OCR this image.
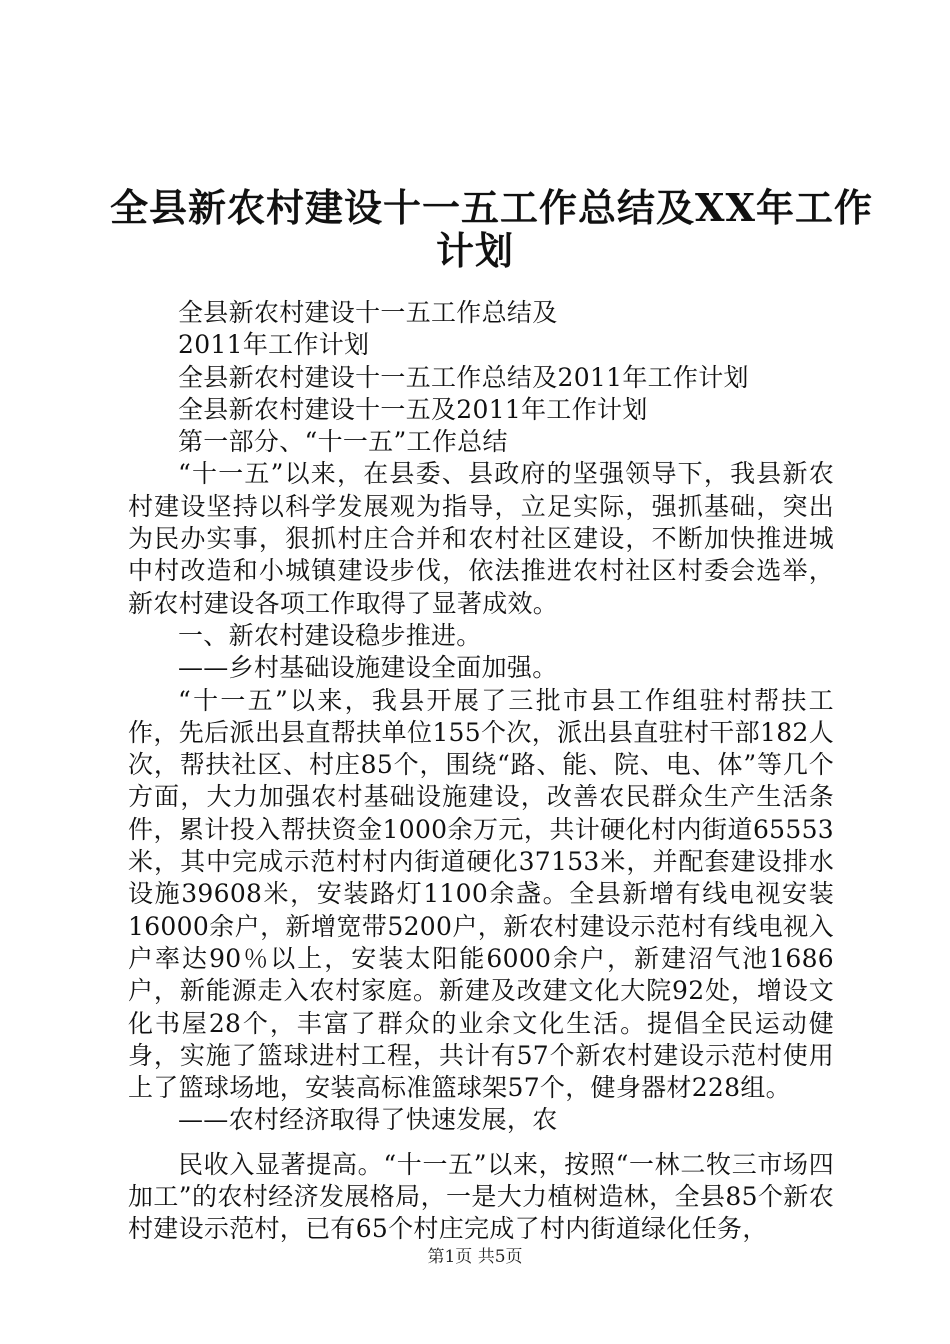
全县新农村建设十一五工作总结及XX年工作
计划

全县新农村建设十一五工作总结及

2011年工作计划

全县新农村建设十一五工作总结及2011年工作计划

全县新农村建设十一五及2011年工作计划

第一部分、“十一五”工作总结

“十一五”以来，在县委、县政府的坚强领导下，我县新农村建设坚持以科学发展观为指导，立足实际，强抓基础，突出为民办实事，狠抓村庄合并和农村社区建设，不断加快推进城中村改造和小城镇建设步伐，依法推进农村社区村委会选举，新农村建设各项工作取得了显著成效。

一、新农村建设稳步推进。

——乡村基础设施建设全面加强。

“十一五”以来，我县开展了三批市县工作组驻村帮扶工作，先后派出县直帮扶单位155个次，派出县直驻村干部182人次，帮扶社区、村庄85个，围绕“路、能、院、电、体”等几个方面，大力加强农村基础设施建设，改善农民群众生产生活条件，累计投入帮扶资金1000余万元，共计硬化村内街道65553米，其中完成示范村村内街道硬化37153米，并配套建设排水设施39608米，安装路灯1100余盏。全县新增有线电视安装16000余户，新增宽带5200户，新农村建设示范村有线电视入户率达90％以上，安装太阳能6000余户，新建沼气池1686户，新能源走入农村家庭。新建及改建文化大院92处，增设文化书屋28个，丰富了群众的业余文化生活。提倡全民运动健身，实施了篮球进村工程，共计有57个新农村建设示范村使用上了篮球场地，安装高标准篮球架57个，健身器材228组。

——农村经济取得了快速发展，农

民收入显著提高。“十一五”以来，按照“一林二牧三市场四加工”的农村经济发展格局，一是大力植树造林，全县85个新农村建设示范村，已有65个村庄完成了村内街道绿化任务，

第1页 共5页
